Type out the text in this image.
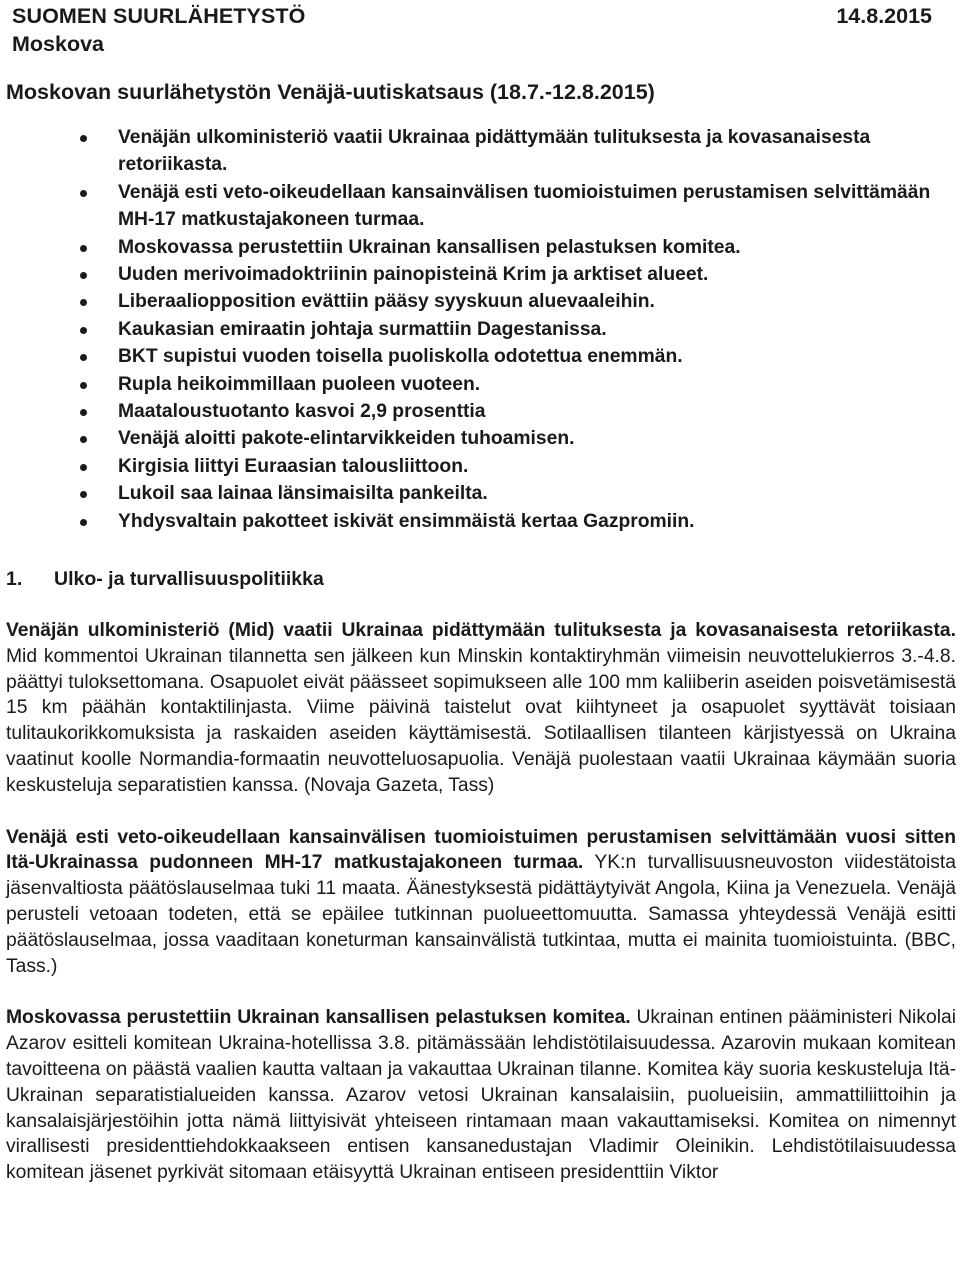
SUOMEN SUURLÄHETYSTÖ	14.8.2015
Moskova
Moskovan suurlähetystön Venäjä-uutiskatsaus (18.7.-12.8.2015)
Venäjän ulkoministeriö vaatii Ukrainaa pidättymään tulituksesta ja kovasanaisesta retoriikasta.
Venäjä esti veto-oikeudellaan kansainvälisen tuomioistuimen perustamisen selvittämään MH-17 matkustajakoneen turmaa.
Moskovassa perustettiin Ukrainan kansallisen pelastuksen komitea.
Uuden merivoimadoktriinin painopisteinä Krim ja arktiset alueet.
Liberaaliopposition evättiin pääsy syyskuun aluevaaleihin.
Kaukasian emiraatin johtaja surmattiin Dagestanissa.
BKT supistui vuoden toisella puoliskolla odotettua enemmän.
Rupla heikoimmillaan puoleen vuoteen.
Maataloustuotanto kasvoi 2,9 prosenttia
Venäjä aloitti pakote-elintarvikkeiden tuhoamisen.
Kirgisia liittyi Euraasian talousliittoon.
Lukoil saa lainaa länsimaisilta pankeilta.
Yhdysvaltain pakotteet iskivät ensimmäistä kertaa Gazpromiin.
1. Ulko- ja turvallisuuspolitiikka

Venäjän ulkoministeriö (Mid) vaatii Ukrainaa pidättymään tulituksesta ja kovasanaisesta retoriikasta. Mid kommentoi Ukrainan tilannetta sen jälkeen kun Minskin kontaktiryhmän viimeisin neuvottelukierros 3.-4.8. päättyi tuloksettomana. Osapuolet eivät päässeet sopimukseen alle 100 mm kaliiberin aseiden poisvetämisestä 15 km päähän kontaktilinjasta. Viime päivinä taistelut ovat kiihtyneet ja osapuolet syyttävät toisiaan tulitaukorikkomuksista ja raskaiden aseiden käyttämisestä. Sotilaallisen tilanteen kärjistyessä on Ukraina vaatinut koolle Normandia-formaatin neuvotteluosapuolia. Venäjä puolestaan vaatii Ukrainaa käymään suoria keskusteluja separatistien kanssa. (Novaja Gazeta, Tass)

Venäjä esti veto-oikeudellaan kansainvälisen tuomioistuimen perustamisen selvittämään vuosi sitten Itä-Ukrainassa pudonneen MH-17 matkustajakoneen turmaa. YK:n turvallisuusneuvoston viidestätoista jäsenvaltiosta päätöslauselmaa tuki 11 maata. Äänestyksestä pidättäytyivät Angola, Kiina ja Venezuela. Venäjä perusteli vetoaan todeten, että se epäilee tutkinnan puolueettomuutta. Samassa yhteydessä Venäjä esitti päätöslauselmaa, jossa vaaditaan koneturman kansainvälistä tutkintaa, mutta ei mainita tuomioistuinta. (BBC, Tass.)

Moskovassa perustettiin Ukrainan kansallisen pelastuksen komitea. Ukrainan entinen pääministeri Nikolai Azarov esitteli komitean Ukraina-hotellissa 3.8. pitämässään lehdistötilaisuudessa. Azarovin mukaan komitean tavoitteena on päästä vaalien kautta valtaan ja vakauttaa Ukrainan tilanne. Komitea käy suoria keskusteluja Itä-Ukrainan separatistialueiden kanssa. Azarov vetosi Ukrainan kansalaisiin, puolueisiin, ammattiliittoihin ja kansalaisjärjestöihin jotta nämä liittyisivät yhteiseen rintamaan maan vakauttamiseksi. Komitea on nimennyt virallisesti presidenttiehdokkaakseen entisen kansanedustajan Vladimir Oleinikin. Lehdistötilaisuudessa komitean jäsenet pyrkivät sitomaan etäisyyttä Ukrainan entiseen presidenttiin Viktor
